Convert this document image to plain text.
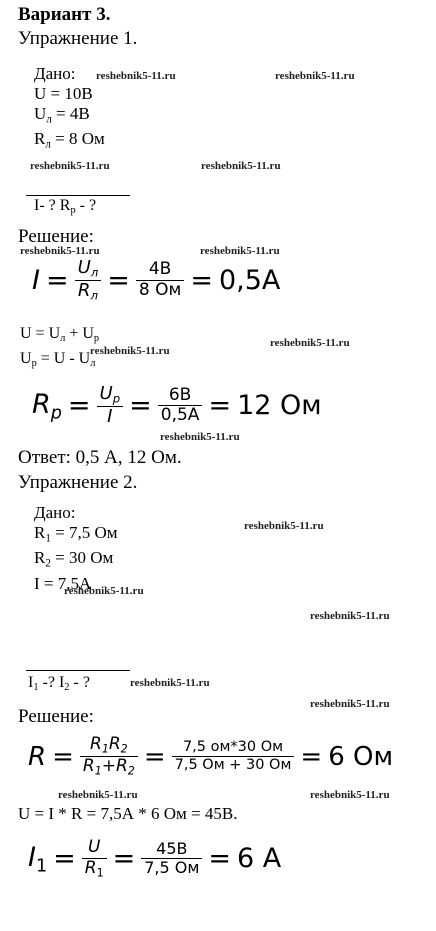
Вариант 3.
Упражнение 1.
Дано:
U = 10В
$U_л = 4В$
$R_л = 8$ Ом
I- ? $R_р$ - ?
Решение:
$I = \frac{U_л}{R_л} = \frac{4В}{8 Ом} = 0,5А$
$U = U_л + U_р$
$U_р = U - U_л$
$R_p = \frac{U_p}{I} = \frac{6В}{0,5А} = 12$ Ом
Ответ: 0,5 А, 12 Ом.
Упражнение 2.
Дано:
$R_1 = 7,5$ Ом
$R_2 = 30$ Ом
I = 7,5А
$I_1$ -? $I_2$ - ?
Решение:
$R = \frac{R_1R_2}{R_1+R_2} = \frac{7,5 ом*30 Ом}{7,5 Ом + 30 Ом} = 6$ Ом
U = I * R = 7,5А * 6 Ом = 45В.
$I_1 = \frac{U}{R_1} = \frac{45В}{7,5 Ом} = 6$ А
reshebnik5-11.ru	reshebnik5-11.ru
reshebnik5-11.ru	reshebnik5-11.ru
reshebnik5-11.ru	reshebnik5-11.ru
reshebnik5-11.ru
reshebnik5-11.ru
reshebnik5-11.ru
reshebnik5-11.ru
reshebnik5-11.ru
reshebnik5-11.ru
reshebnik5-11.ru
reshebnik5-11.ru
reshebnik5-11.ru	reshebnik5-11.ru
